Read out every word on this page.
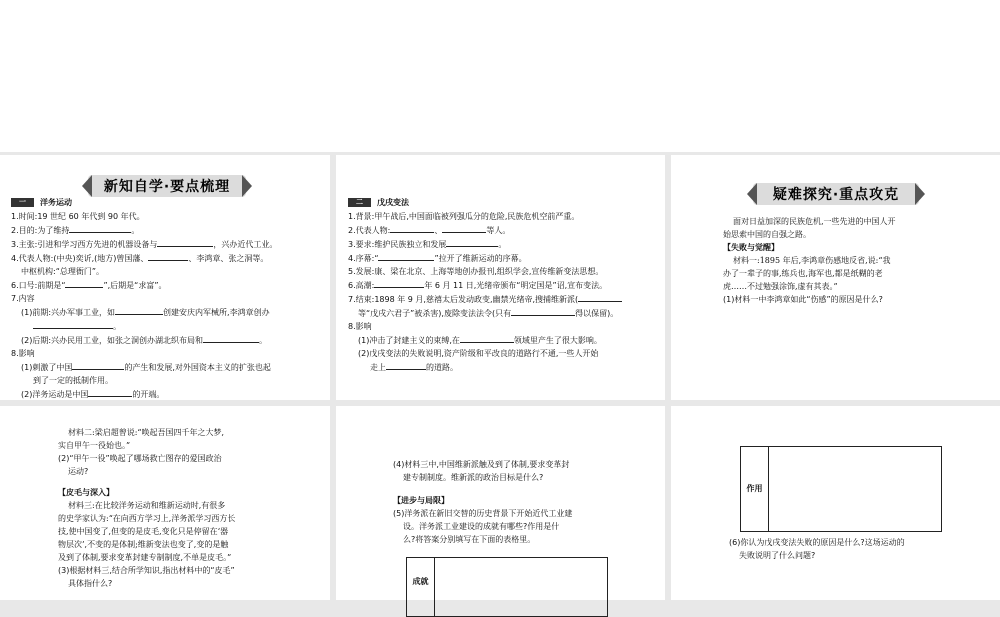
新知自学·要点梳理
一	洋务运动
1.时间:19 世纪 60 年代到 90 年代。
2.目的:为了维持	。
3.主张:引进和学习西方先进的机器设备与	，兴办近代工业。
4.代表人物:(中央)奕䜣,(地方)曾国藩、	、李鸿章、张之洞等。
中枢机构:“总理衙门”。
6.口号:前期是“	”,后期是“求富”。
7.内容
(1)前期:兴办军事工业，如	创建安庆内军械所,李鸿章创办
。
(2)后期:兴办民用工业，如张之洞创办湖北织布局和	。
8.影响
(1)刺激了中国	的产生和发展,对外国资本主义的扩张也起
到了一定的抵制作用。
(2)洋务运动是中国	的开端。
二	戊戌变法
1.背景:甲午战后,中国面临被列强瓜分的危险,民族危机空前严重。
2.代表人物:	、	等人。
3.要求:维护民族独立和发展	。
4.序幕:“	”拉开了维新运动的序幕。
5.发展:康、梁在北京、上海等地创办报刊,组织学会,宣传维新变法思想。
6.高潮:	年 6 月 11 日,光绪帝颁布“明定国是”诏,宣布变法。
7.结束:1898 年 9 月,慈禧太后发动政变,幽禁光绪帝,搜捕维新派(
等“戊戌六君子”被杀害),废除变法法令(只有	得以保留)。
8.影响
(1)冲击了封建主义的束缚,在	领域里产生了很大影响。
(2)戊戌变法的失败说明,资产阶级和平改良的道路行不通,一些人开始
走上	的道路。
疑难探究·重点攻克
面对日益加深的民族危机,一些先进的中国人开
始思索中国的自强之路。
【失败与觉醒】
材料一:1895 年后,李鸿章伤感地反省,说:“我
办了一辈子的事,练兵也,海军也,都是纸糊的老
虎……不过勉强涂饰,虚有其表。”
(1)材料一中李鸿章如此“伤感”的原因是什么?
材料二:梁启超曾说:“唤起吾国四千年之大梦,
实自甲午一役始也。”
(2)“甲午一役”唤起了哪场救亡图存的爱国政治
运动?
【皮毛与深入】
材料三:在比较洋务运动和维新运动时,有很多
的史学家认为:“在向西方学习上,洋务派学习西方长
技,使中国变了,但变的是皮毛,变化只是停留在‘器
物层次’,不变的是体制;维新变法也变了,变的是触
及到了体制,要求变革封建专制制度,不单是皮毛。”
(3)根据材料三,结合所学知识,指出材料中的“皮毛”
具体指什么?
(4)材料三中,中国维新派触及到了体制,要求变革封
建专制制度。维新派的政治目标是什么?
【进步与局限】
(5)洋务派在新旧交替的历史背景下开始近代工业建
设。洋务派工业建设的成就有哪些?作用是什
么?将答案分别填写在下面的表格里。
成就
(6)你认为戊戌变法失败的原因是什么?这场运动的
失败说明了什么问题?
作用
